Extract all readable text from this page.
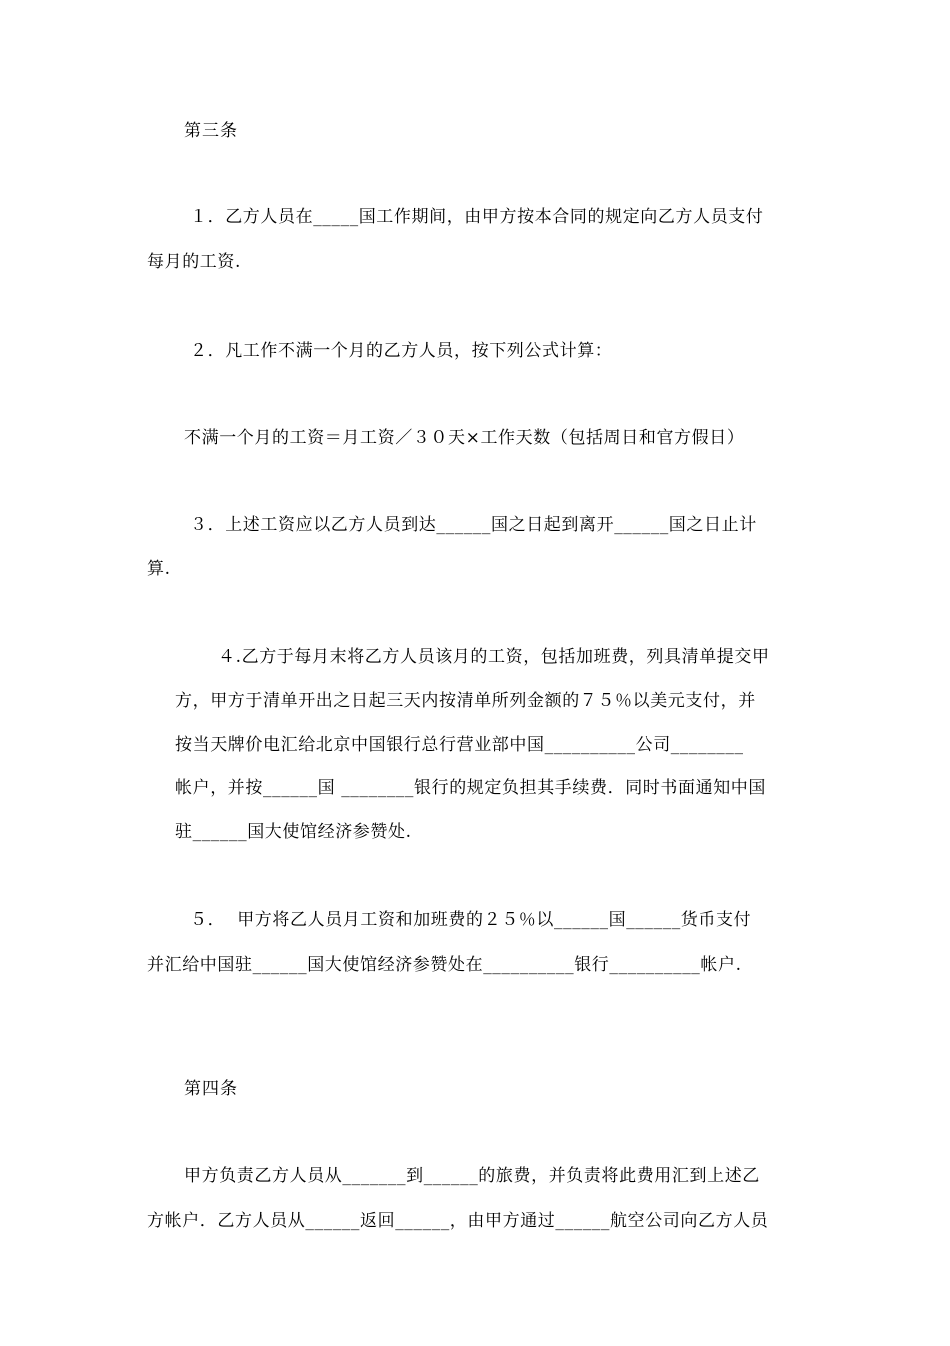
第三条
１．乙方人员在_____国工作期间，由甲方按本合同的规定向乙方人员支付
每月的工资.
２．凡工作不满一个月的乙方人员，按下列公式计算：
不满一个月的工资＝月工资／３０天×工作天数（包括周日和官方假日）
３．上述工资应以乙方人员到达______国之日起到离开______国之日止计
算.
４.乙方于每月末将乙方人员该月的工资，包括加班费，列具清单提交甲
方，甲方于清单开出之日起三天内按清单所列金额的７５％以美元支付，并
按当天牌价电汇给北京中国银行总行营业部中国__________公司________
帐户，并按______国 ________银行的规定负担其手续费．同时书面通知中国
驻______国大使馆经济参赞处.
５．  甲方将乙人员月工资和加班费的２５％以______国______货币支付
并汇给中国驻______国大使馆经济参赞处在__________银行__________帐户.
第四条
甲方负责乙方人员从_______到______的旅费，并负责将此费用汇到上述乙
方帐户．乙方人员从______返回______，由甲方通过______航空公司向乙方人员
